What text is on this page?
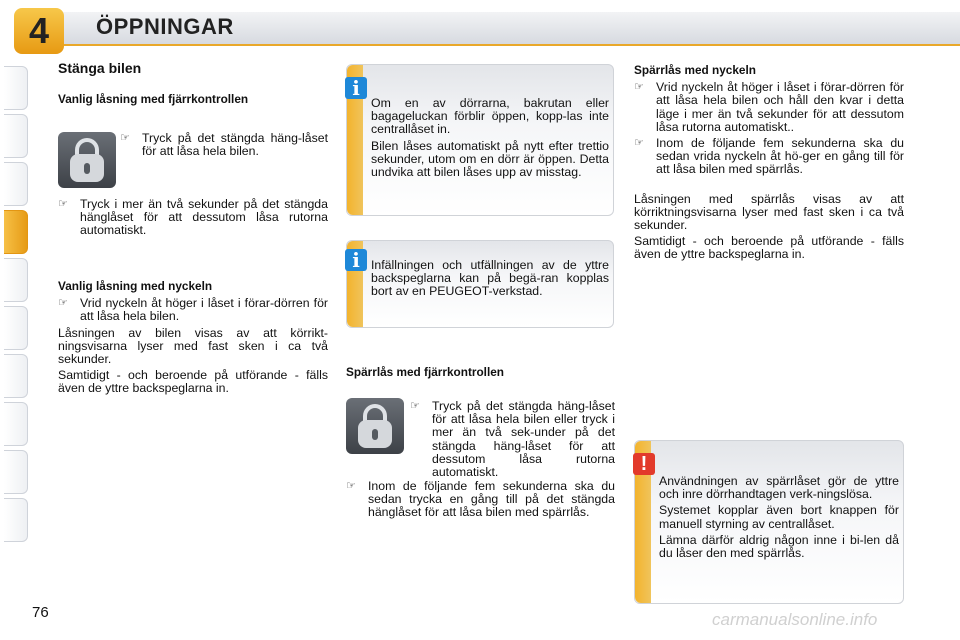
4	ÖPPNINGAR
Stänga bilen
Vanlig låsning med fjärrkontrollen
☞ Tryck på det stängda häng-låset för att låsa hela bilen.
☞ Tryck i mer än två sekunder på det stängda hänglåset för att dessutom låsa rutorna automatiskt.
Vanlig låsning med nyckeln
☞ Vrid nyckeln åt höger i låset i förar-dörren för att låsa hela bilen.
Låsningen av bilen visas av att körrikt-ningsvisarna lyser med fast sken i ca två sekunder.
Samtidigt - och beroende på utförande - fälls även de yttre backspeglarna in.
i
Om en av dörrarna, bakrutan eller bagageluckan förblir öppen, kopp-las inte centrallåset in.
Bilen låses automatiskt på nytt efter trettio sekunder, utom om en dörr är öppen. Detta undvika att bilen låses upp av misstag.
i Infällningen och utfällningen av de yttre backspeglarna kan på begä-ran kopplas bort av en PEUGEOT-verkstad.
Spärrlås med fjärrkontrollen
☞ Tryck på det stängda häng-låset för att låsa hela bilen eller tryck i mer än två sek-under på det stängda häng-låset för att dessutom låsa rutorna automatiskt.
☞ Inom de följande fem sekunderna ska du sedan trycka en gång till på det stängda hänglåset för att låsa bilen med spärrlås.
Spärrlås med nyckeln
☞ Vrid nyckeln åt höger i låset i förar-dörren för att låsa hela bilen och håll den kvar i detta läge i mer än två sekunder för att dessutom låsa rutorna automatiskt..
☞ Inom de följande fem sekunderna ska du sedan vrida nyckeln åt hö-ger en gång till för att låsa bilen med spärrlås.
Låsningen med spärrlås visas av att körriktningsvisarna lyser med fast sken i ca två sekunder.
Samtidigt - och beroende på utförande - fälls även de yttre backspeglarna in.
!
Användningen av spärrlåset gör de yttre och inre dörrhandtagen verk-ningslösa.
Systemet kopplar även bort knappen för manuell styrning av centrallåset.
Lämna därför aldrig någon inne i bi-len då du låser den med spärrlås.
76	carmanualsonline.info
